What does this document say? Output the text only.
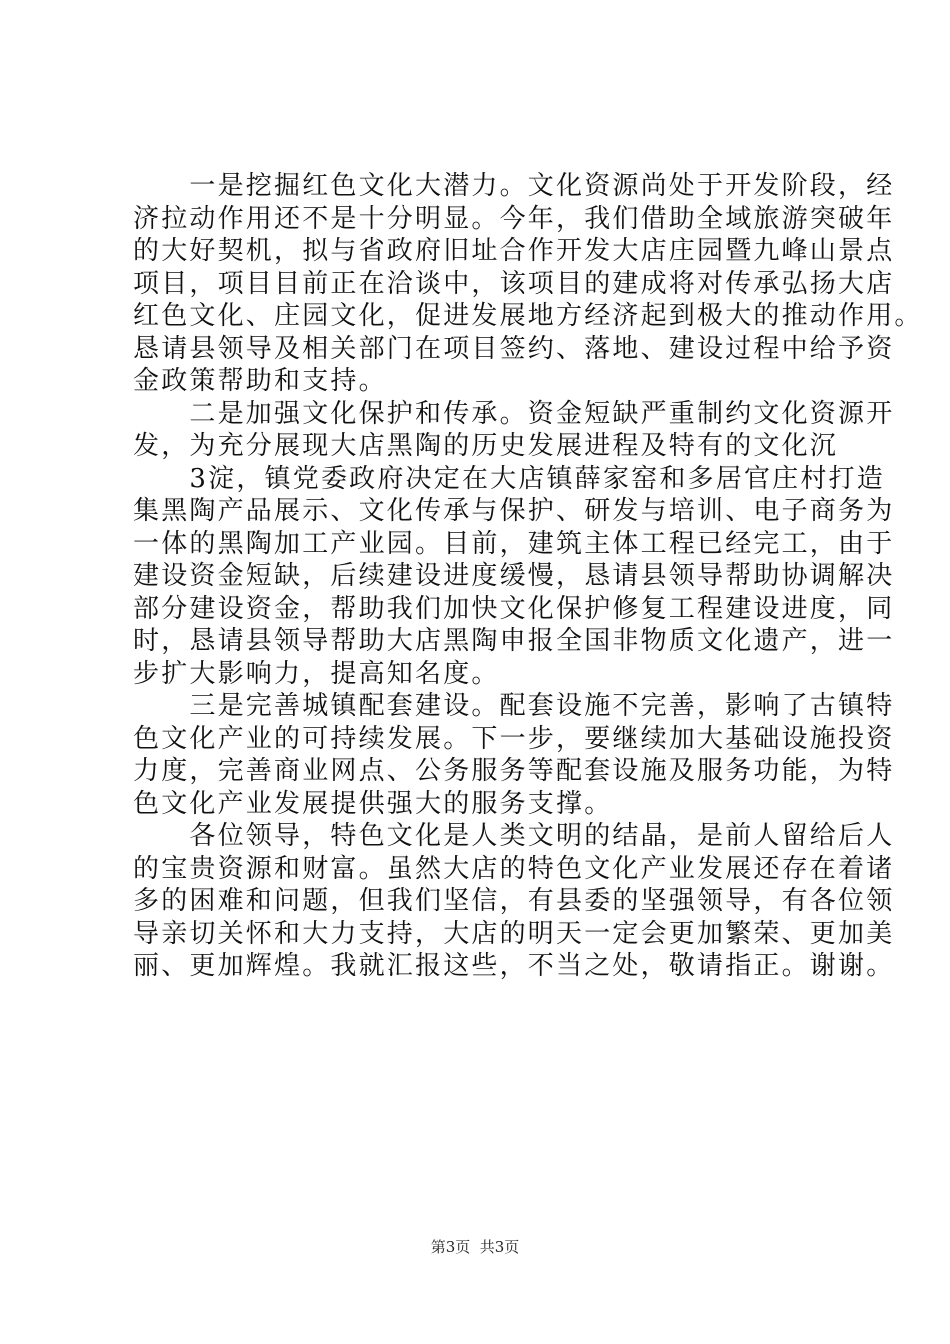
　　一是挖掘红色文化大潜力。文化资源尚处于开发阶段，经
济拉动作用还不是十分明显。今年，我们借助全域旅游突破年
的大好契机，拟与省政府旧址合作开发大店庄园暨九峰山景点
项目，项目目前正在洽谈中，该项目的建成将对传承弘扬大店
红色文化、庄园文化，促进发展地方经济起到极大的推动作用。
恳请县领导及相关部门在项目签约、落地、建设过程中给予资
金政策帮助和支持。
　　二是加强文化保护和传承。资金短缺严重制约文化资源开
发，为充分展现大店黑陶的历史发展进程及特有的文化沉
　　3淀，镇党委政府决定在大店镇薛家窑和多居官庄村打造
集黑陶产品展示、文化传承与保护、研发与培训、电子商务为
一体的黑陶加工产业园。目前，建筑主体工程已经完工，由于
建设资金短缺，后续建设进度缓慢，恳请县领导帮助协调解决
部分建设资金，帮助我们加快文化保护修复工程建设进度，同
时，恳请县领导帮助大店黑陶申报全国非物质文化遗产，进一
步扩大影响力，提高知名度。
　　三是完善城镇配套建设。配套设施不完善，影响了古镇特
色文化产业的可持续发展。下一步，要继续加大基础设施投资
力度，完善商业网点、公务服务等配套设施及服务功能，为特
色文化产业发展提供强大的服务支撑。
　　各位领导，特色文化是人类文明的结晶，是前人留给后人
的宝贵资源和财富。虽然大店的特色文化产业发展还存在着诸
多的困难和问题，但我们坚信，有县委的坚强领导，有各位领
导亲切关怀和大力支持，大店的明天一定会更加繁荣、更加美
丽、更加辉煌。我就汇报这些，不当之处，敬请指正。谢谢。
第3页  共3页
